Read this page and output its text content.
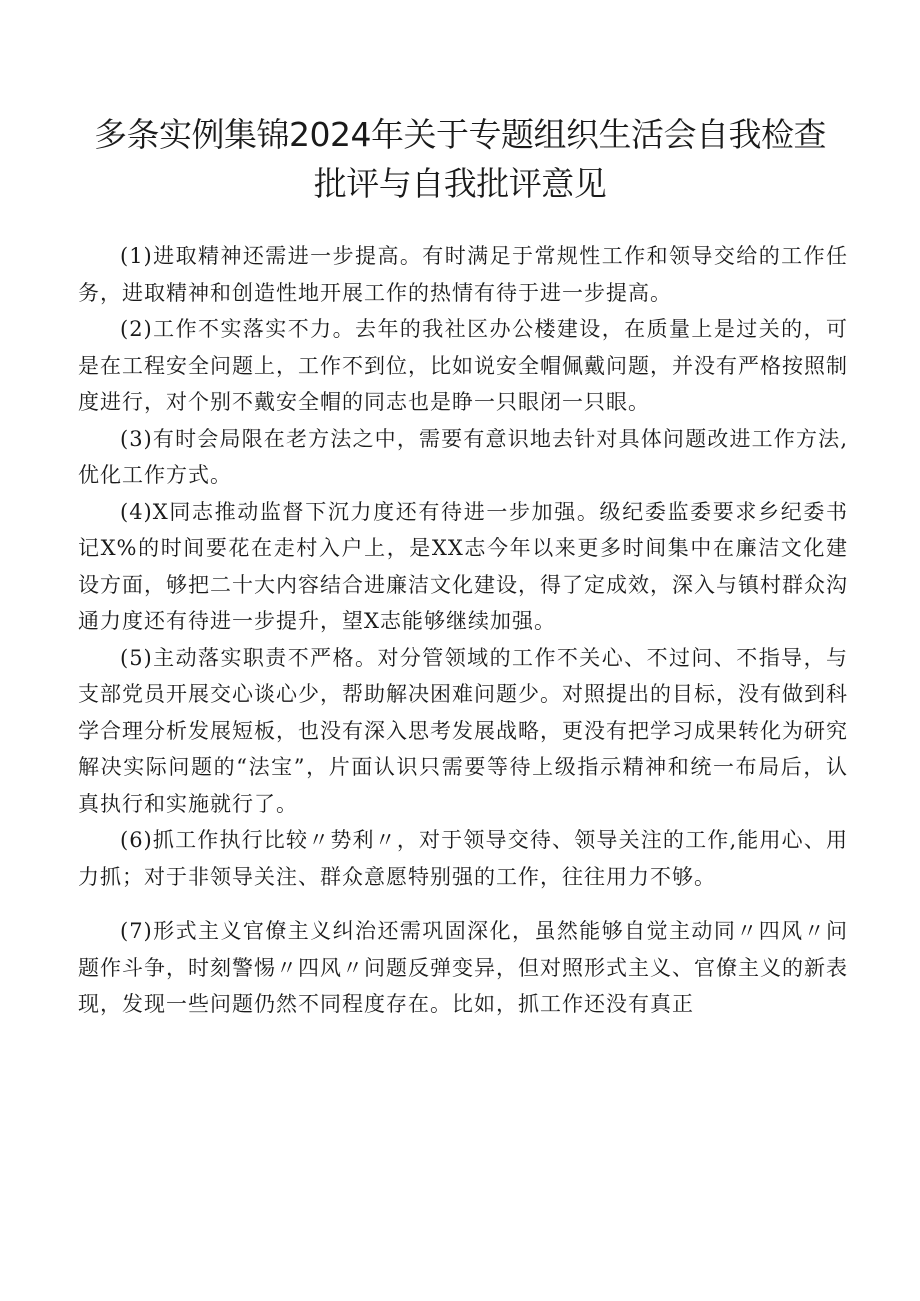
多条实例集锦2024年关于专题组织生活会自我检查批评与自我批评意见

(1)进取精神还需进一步提高。有时满足于常规性工作和领导交给的工作任务，进取精神和创造性地开展工作的热情有待于进一步提高。

(2)工作不实落实不力。去年的我社区办公楼建设，在质量上是过关的，可是在工程安全问题上，工作不到位，比如说安全帽佩戴问题，并没有严格按照制度进行，对个别不戴安全帽的同志也是睁一只眼闭一只眼。

(3)有时会局限在老方法之中，需要有意识地去针对具体问题改进工作方法,优化工作方式。

(4)X同志推动监督下沉力度还有待进一步加强。级纪委监委要求乡纪委书记X%的时间要花在走村入户上，是XX志今年以来更多时间集中在廉洁文化建设方面，够把二十大内容结合进廉洁文化建设，得了定成效，深入与镇村群众沟通力度还有待进一步提升，望X志能够继续加强。

(5)主动落实职责不严格。对分管领域的工作不关心、不过问、不指导，与支部党员开展交心谈心少，帮助解决困难问题少。对照提出的目标，没有做到科学合理分析发展短板，也没有深入思考发展战略，更没有把学习成果转化为研究解决实际问题的“法宝”，片面认识只需要等待上级指示精神和统一布局后，认真执行和实施就行了。

(6)抓工作执行比较〃势利〃，对于领导交待、领导关注的工作,能用心、用力抓；对于非领导关注、群众意愿特别强的工作，往往用力不够。

(7)形式主义官僚主义纠治还需巩固深化，虽然能够自觉主动同〃四风〃问题作斗争，时刻警惕〃四风〃问题反弹变异，但对照形式主义、官僚主义的新表现，发现一些问题仍然不同程度存在。比如，抓工作还没有真正
